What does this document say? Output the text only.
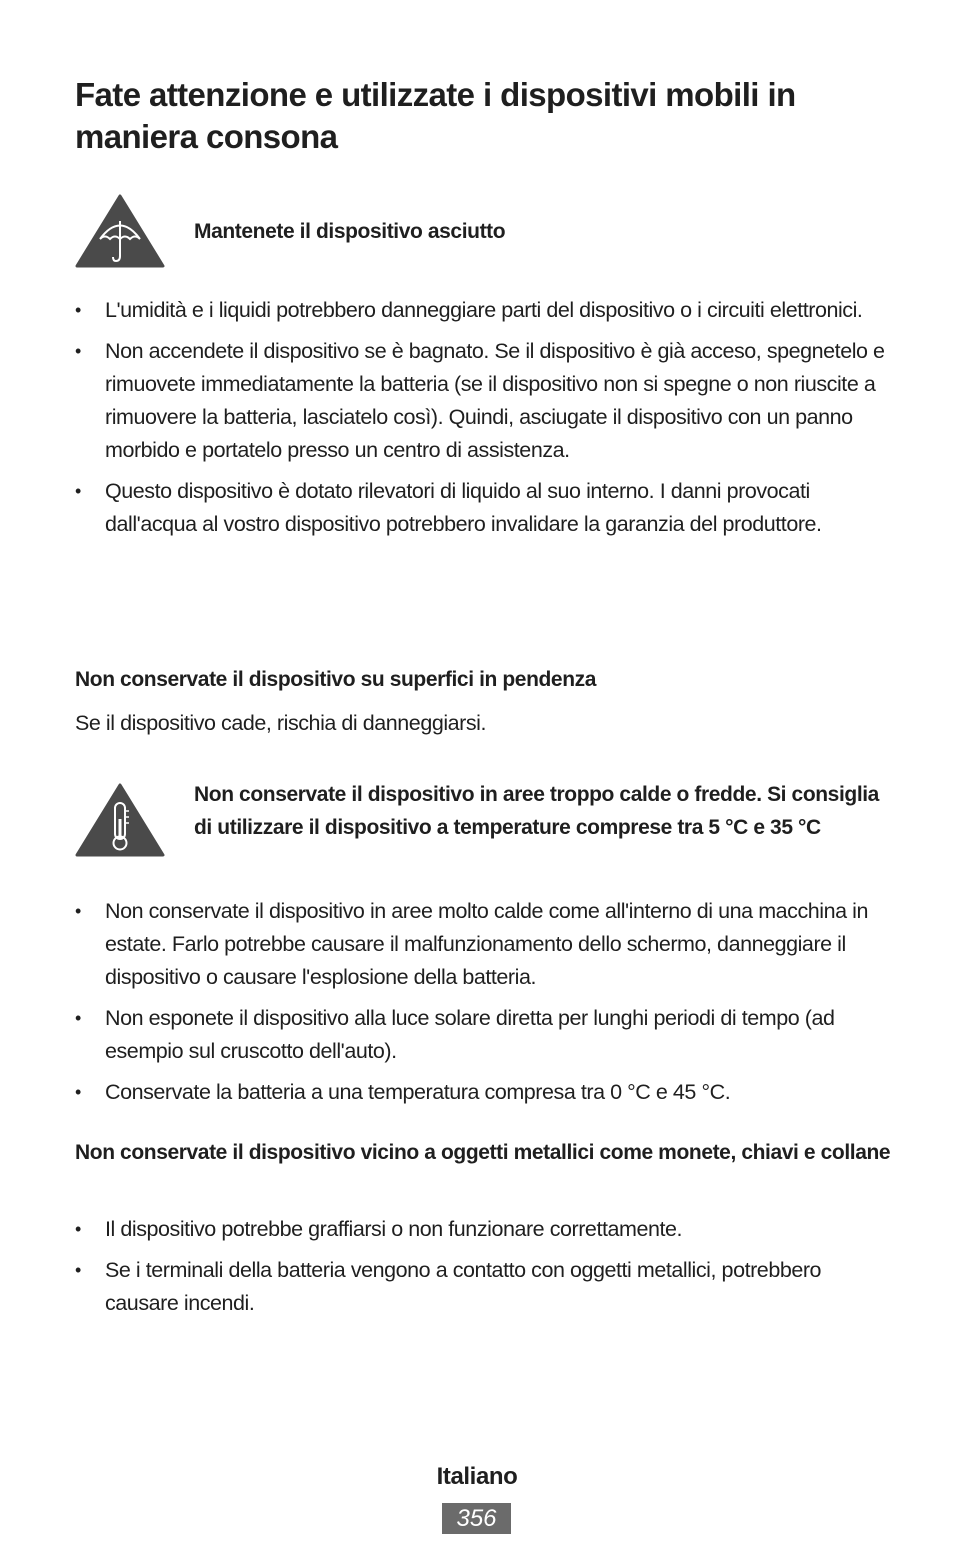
Fate attenzione e utilizzate i dispositivi mobili in maniera consona
Mantenete il dispositivo asciutto
•	L'umidità e i liquidi potrebbero danneggiare parti del dispositivo o i circuiti elettronici.
•	Non accendete il dispositivo se è bagnato. Se il dispositivo è già acceso, spegnetelo e rimuovete immediatamente la batteria (se il dispositivo non si spegne o non riuscite a rimuovere la batteria, lasciatelo così). Quindi, asciugate il dispositivo con un panno morbido e portatelo presso un centro di assistenza.
•	Questo dispositivo è dotato rilevatori di liquido al suo interno. I danni provocati dall'acqua al vostro dispositivo potrebbero invalidare la garanzia del produttore.
Non conservate il dispositivo su superfici in pendenza
Se il dispositivo cade, rischia di danneggiarsi.
Non conservate il dispositivo in aree troppo calde o fredde. Si consiglia di utilizzare il dispositivo a temperature comprese tra 5 °C e 35 °C
•	Non conservate il dispositivo in aree molto calde come all'interno di una macchina in estate. Farlo potrebbe causare il malfunzionamento dello schermo, danneggiare il dispositivo o causare l'esplosione della batteria.
•	Non esponete il dispositivo alla luce solare diretta per lunghi periodi di tempo (ad esempio sul cruscotto dell'auto).
•	Conservate la batteria a una temperatura compresa tra 0 °C e 45 °C.
Non conservate il dispositivo vicino a oggetti metallici come monete, chiavi e collane
•	Il dispositivo potrebbe graffiarsi o non funzionare correttamente.
•	Se i terminali della batteria vengono a contatto con oggetti metallici, potrebbero causare incendi.
Italiano
356
